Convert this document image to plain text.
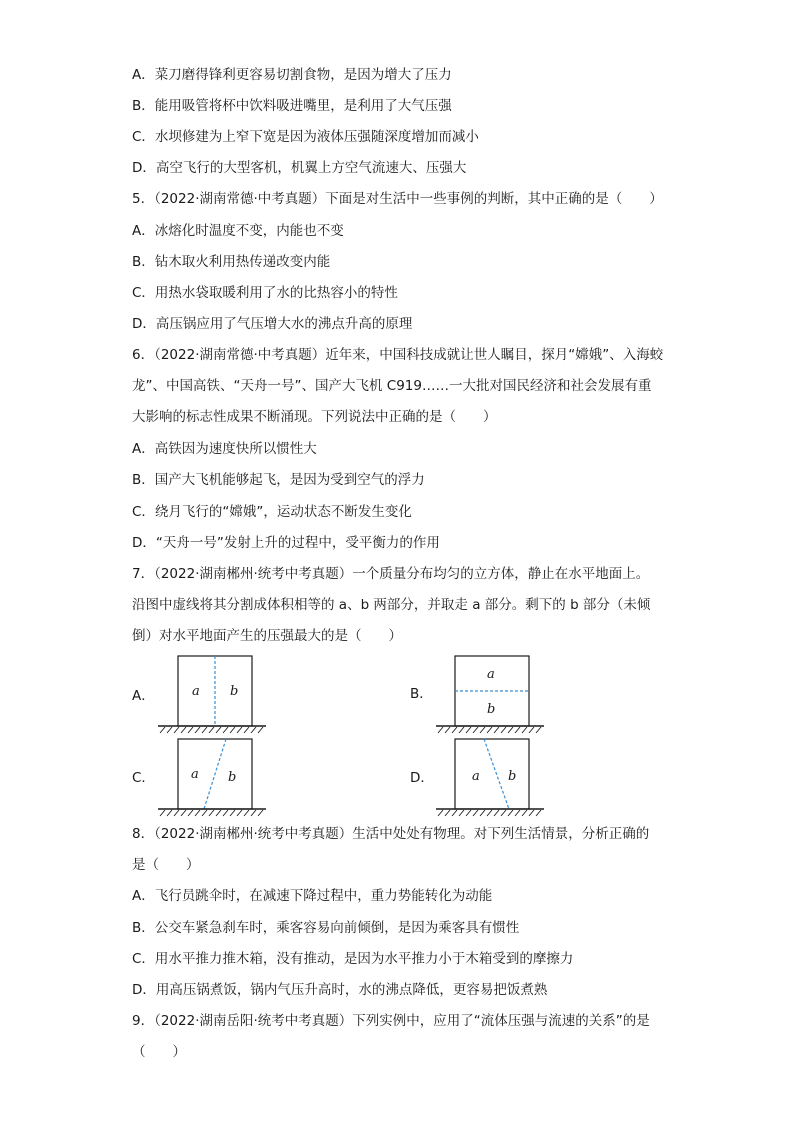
A．菜刀磨得锋利更容易切割食物，是因为增大了压力
B．能用吸管将杯中饮料吸进嘴里，是利用了大气压强
C．水坝修建为上窄下宽是因为液体压强随深度增加而减小
D．高空飞行的大型客机，机翼上方空气流速大、压强大
5．（2022·湖南常德·中考真题）下面是对生活中一些事例的判断，其中正确的是（　　）
A．冰熔化时温度不变，内能也不变
B．钻木取火利用热传递改变内能
C．用热水袋取暖利用了水的比热容小的特性
D．高压锅应用了气压增大水的沸点升高的原理
6．（2022·湖南常德·中考真题）近年来，中国科技成就让世人瞩目，探月“嫦娥”、入海蛟
龙”、中国高铁、“天舟一号”、国产大飞机 C919……一大批对国民经济和社会发展有重
大影响的标志性成果不断涌现。下列说法中正确的是（　　）
A．高铁因为速度快所以惯性大
B．国产大飞机能够起飞，是因为受到空气的浮力
C．绕月飞行的“嫦娥”，运动状态不断发生变化
D．“天舟一号”发射上升的过程中，受平衡力的作用
7．（2022·湖南郴州·统考中考真题）一个质量分布均匀的立方体，静止在水平地面上。
沿图中虚线将其分割成体积相等的 a、b 两部分，并取走 a 部分。剩下的 b 部分（未倾
倒）对水平地面产生的压强最大的是（　　）
A．	a b	B．
a
b
C．	a b	D．	a b
8．（2022·湖南郴州·统考中考真题）生活中处处有物理。对下列生活情景，分析正确的
是（　　）
A．飞行员跳伞时，在减速下降过程中，重力势能转化为动能
B．公交车紧急刹车时，乘客容易向前倾倒，是因为乘客具有惯性
C．用水平推力推木箱，没有推动，是因为水平推力小于木箱受到的摩擦力
D．用高压锅煮饭，锅内气压升高时，水的沸点降低，更容易把饭煮熟
9．（2022·湖南岳阳·统考中考真题）下列实例中，应用了“流体压强与流速的关系”的是
（　　）
